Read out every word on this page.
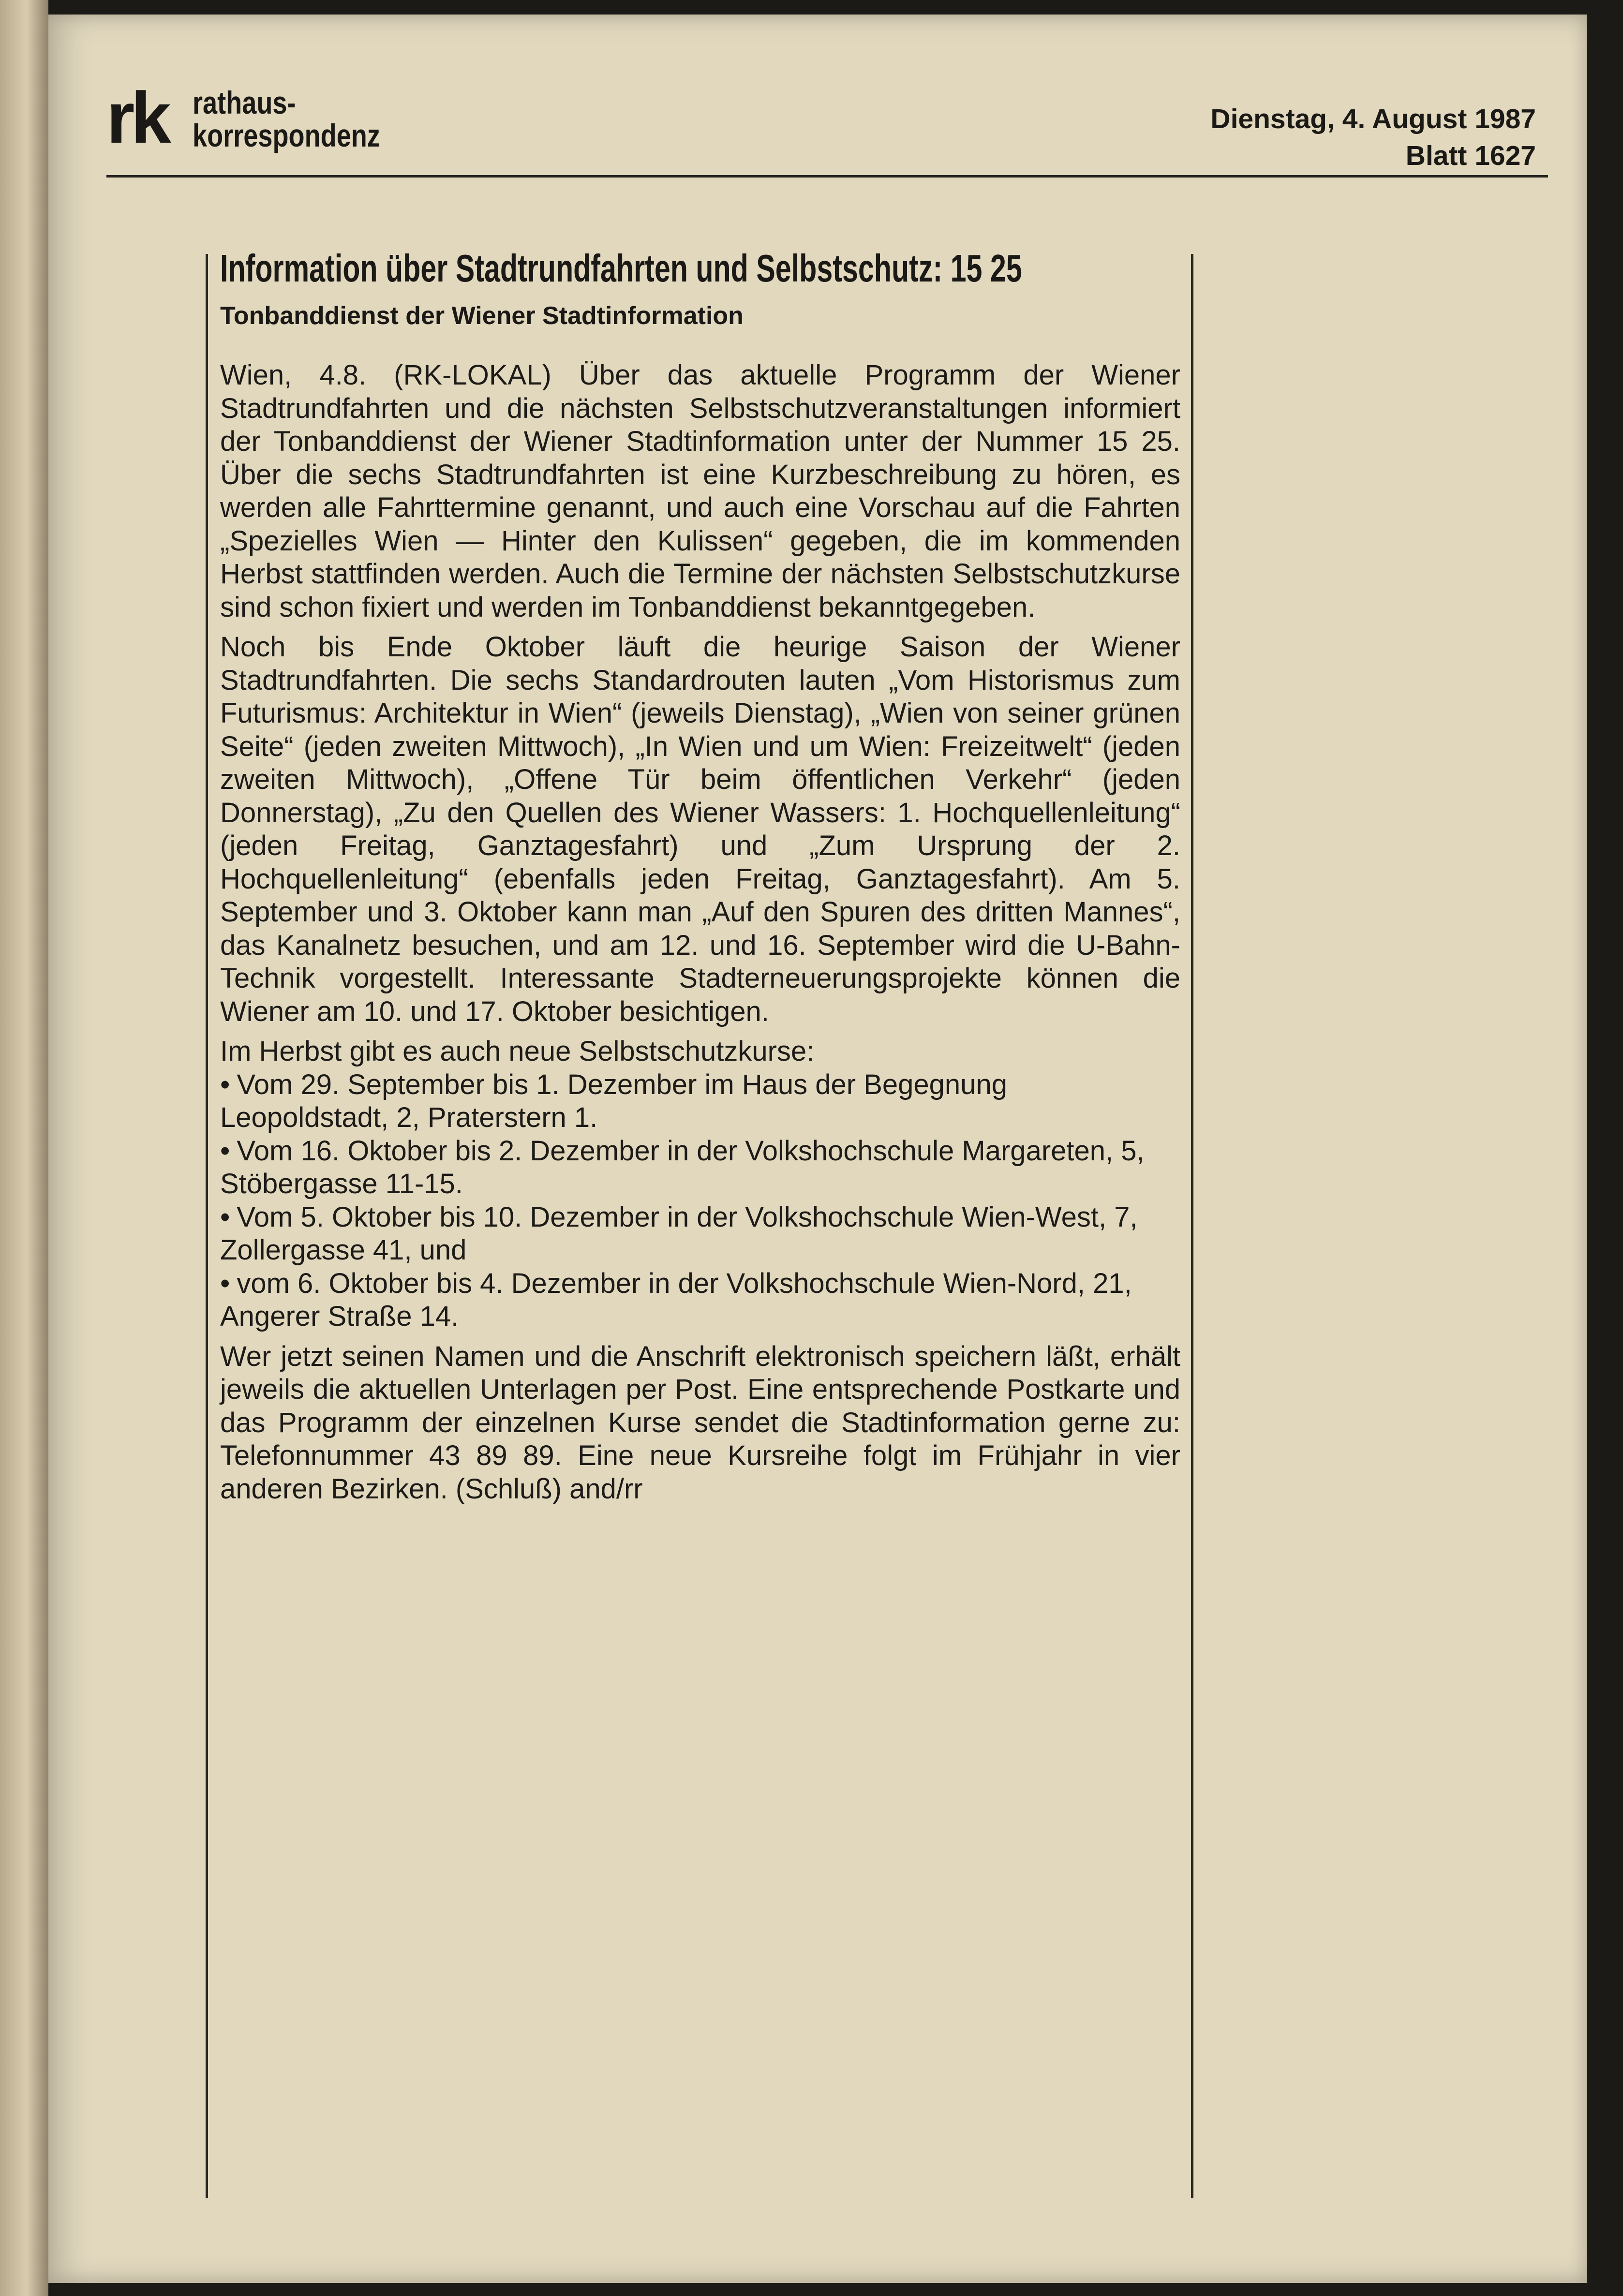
rk rathaus-
korrespondenz	Dienstag, 4. August 1987
Blatt 1627
Information über Stadtrundfahrten und Selbstschutz: 15 25
Tonbanddienst der Wiener Stadtinformation

Wien, 4.8. (RK-LOKAL) Über das aktuelle Programm der Wiener Stadtrundfahrten und die nächsten Selbstschutzveranstaltungen informiert der Tonbanddienst der Wiener Stadtinformation unter der Nummer 15 25. Über die sechs Stadtrundfahrten ist eine Kurzbeschreibung zu hören, es werden alle Fahrttermine genannt, und auch eine Vorschau auf die Fahrten „Spezielles Wien — Hinter den Kulissen“ gegeben, die im kommenden Herbst stattfinden werden. Auch die Termine der nächsten Selbstschutzkurse sind schon fixiert und werden im Tonbanddienst bekanntgegeben.

Noch bis Ende Oktober läuft die heurige Saison der Wiener Stadtrundfahrten. Die sechs Standardrouten lauten „Vom Historismus zum Futurismus: Architektur in Wien“ (jeweils Dienstag), „Wien von seiner grünen Seite“ (jeden zweiten Mittwoch), „In Wien und um Wien: Freizeitwelt“ (jeden zweiten Mittwoch), „Offene Tür beim öffentlichen Verkehr“ (jeden Donnerstag), „Zu den Quellen des Wiener Wassers: 1. Hochquellenleitung“ (jeden Freitag, Ganztagesfahrt) und „Zum Ursprung der 2. Hochquellenleitung“ (ebenfalls jeden Freitag, Ganztagesfahrt). Am 5. September und 3. Oktober kann man „Auf den Spuren des dritten Mannes“, das Kanalnetz besuchen, und am 12. und 16. September wird die U-Bahn-Technik vorgestellt. Interessante Stadterneuerungsprojekte können die Wiener am 10. und 17. Oktober besichtigen.

Im Herbst gibt es auch neue Selbstschutzkurse:

• Vom 29. September bis 1. Dezember im Haus der Begegnung Leopoldstadt, 2, Praterstern 1.
• Vom 16. Oktober bis 2. Dezember in der Volkshochschule Margareten, 5, Stöbergasse 11-15.
• Vom 5. Oktober bis 10. Dezember in der Volkshochschule Wien-West, 7, Zollergasse 41, und
• vom 6. Oktober bis 4. Dezember in der Volkshochschule Wien-Nord, 21, Angerer Straße 14.

Wer jetzt seinen Namen und die Anschrift elektronisch speichern läßt, erhält jeweils die aktuellen Unterlagen per Post. Eine entsprechende Postkarte und das Programm der einzelnen Kurse sendet die Stadtinformation gerne zu: Telefonnummer 43 89 89. Eine neue Kursreihe folgt im Frühjahr in vier anderen Bezirken. (Schluß) and/rr
